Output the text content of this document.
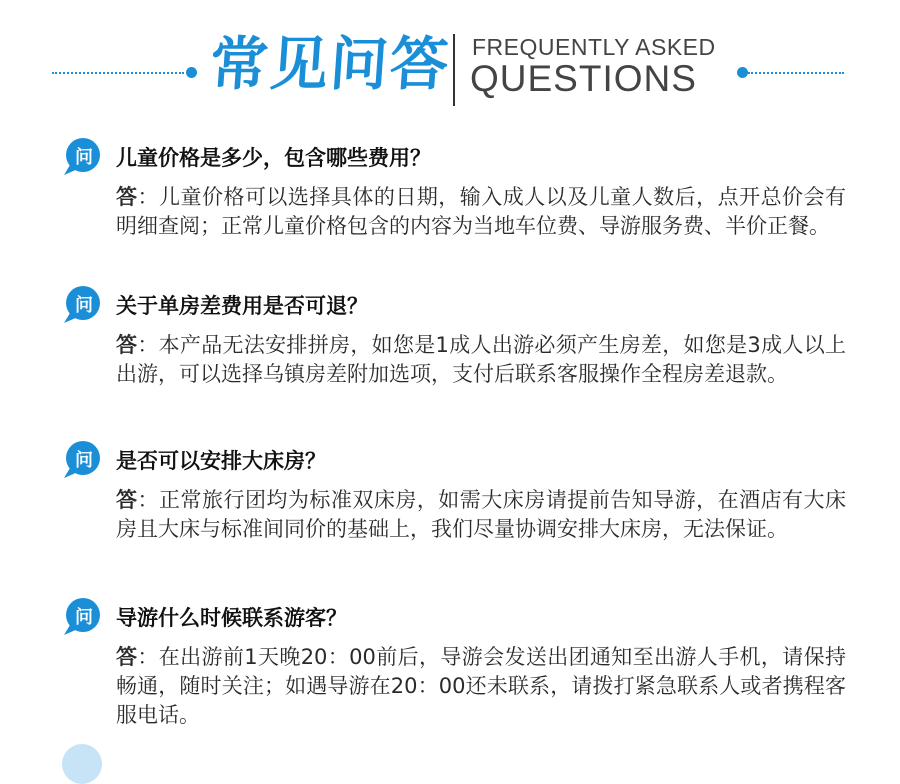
常见问答 FREQUENTLY ASKED
QUESTIONS
问	儿童价格是多少，包含哪些费用？
答：儿童价格可以选择具体的日期，输入成人以及儿童人数后，点开总价会有明细查阅；正常儿童价格包含的内容为当地车位费、导游服务费、半价正餐。
问	关于单房差费用是否可退？
答：本产品无法安排拼房，如您是1成人出游必须产生房差，如您是3成人以上出游，可以选择乌镇房差附加选项，支付后联系客服操作全程房差退款。
问	是否可以安排大床房？
答：正常旅行团均为标准双床房，如需大床房请提前告知导游，在酒店有大床房且大床与标准间同价的基础上，我们尽量协调安排大床房，无法保证。
问	导游什么时候联系游客？
答：在出游前1天晚20：00前后，导游会发送出团通知至出游人手机，请保持畅通，随时关注；如遇导游在20：00还未联系，请拨打紧急联系人或者携程客服电话。
